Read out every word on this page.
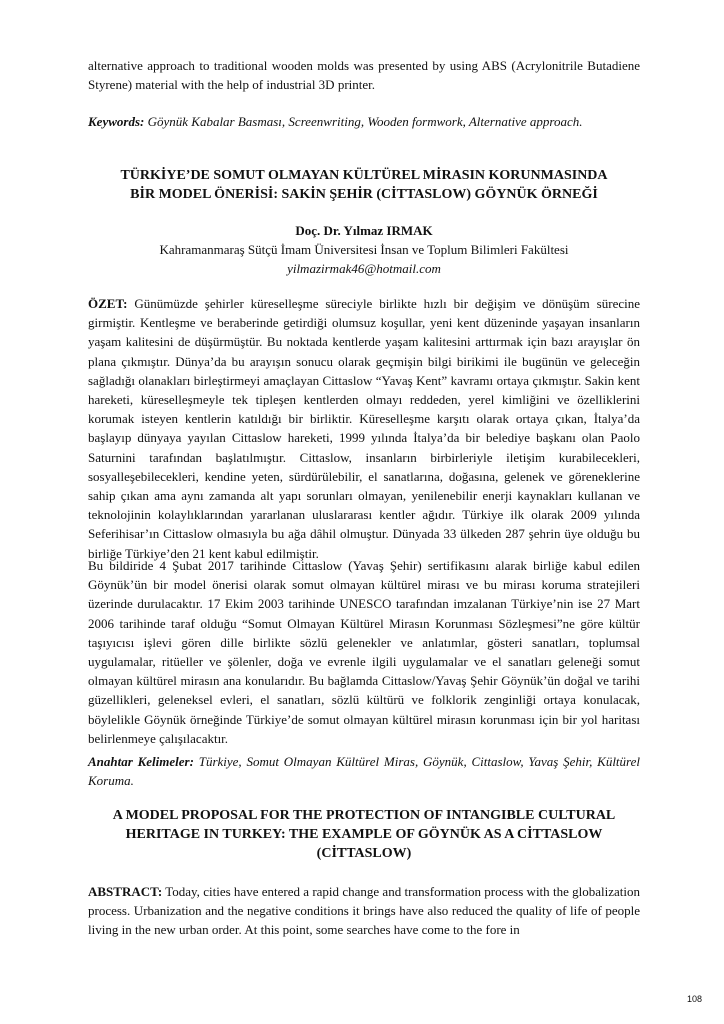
alternative approach to traditional wooden molds was presented by using ABS (Acrylonitrile Butadiene Styrene) material with the help of industrial 3D printer.

Keywords: Göynük Kabalar Basması, Screenwriting, Wooden formwork, Alternative approach.

TÜRKİYE’DE SOMUT OLMAYAN KÜLTÜREL MİRASIN KORUNMASINDA BİR MODEL ÖNERİSİ: SAKİN ŞEHİR (CİTTASLOW) GÖYNÜK ÖRNEĞİ

Doç. Dr. Yılmaz IRMAK

Kahramanmaraş Sütçü İmam Üniversitesi İnsan ve Toplum Bilimleri Fakültesi

yilmazirmak46@hotmail.com

ÖZET: Günümüzde şehirler küreselleşme süreciyle birlikte hızlı bir değişim ve dönüşüm sürecine girmiştir. Kentleşme ve beraberinde getirdiği olumsuz koşullar, yeni kent düzeninde yaşayan insanların yaşam kalitesini de düşürmüştür. Bu noktada kentlerde yaşam kalitesini arttırmak için bazı arayışlar ön plana çıkmıştır. Dünya’da bu arayışın sonucu olarak geçmişin bilgi birikimi ile bugünün ve geleceğin sağladığı olanakları birleştirmeyi amaçlayan Cittaslow “Yavaş Kent” kavramı ortaya çıkmıştır. Sakin kent hareketi, küreselleşmeyle tek tipleşen kentlerden olmayı reddeden, yerel kimliğini ve özelliklerini korumak isteyen kentlerin katıldığı bir birliktir. Küreselleşme karşıtı olarak ortaya çıkan, İtalya’da başlayıp dünyaya yayılan Cittaslow hareketi, 1999 yılında İtalya’da bir belediye başkanı olan Paolo Saturnini tarafından başlatılmıştır. Cittaslow, insanların birbirleriyle iletişim kurabilecekleri, sosyalleşebilecekleri, kendine yeten, sürdürülebilir, el sanatlarına, doğasına, gelenek ve göreneklerine sahip çıkan ama aynı zamanda alt yapı sorunları olmayan, yenilenebilir enerji kaynakları kullanan ve teknolojinin kolaylıklarından yararlanan uluslararası kentler ağıdır. Türkiye ilk olarak 2009 yılında Seferihisar’ın Cittaslow olmasıyla bu ağa dâhil olmuştur. Dünyada 33 ülkeden 287 şehrin üye olduğu bu birliğe Türkiye’den 21 kent kabul edilmiştir.

Bu bildiride 4 Şubat 2017 tarihinde Cittaslow (Yavaş Şehir) sertifikasını alarak birliğe kabul edilen Göynük’ün bir model önerisi olarak somut olmayan kültürel mirası ve bu mirası koruma stratejileri üzerinde durulacaktır. 17 Ekim 2003 tarihinde UNESCO tarafından imzalanan Türkiye’nin ise 27 Mart 2006 tarihinde taraf olduğu “Somut Olmayan Kültürel Mirasın Korunması Sözleşmesi”ne göre kültür taşıyıcısı işlevi gören dille birlikte sözlü gelenekler ve anlatımlar, gösteri sanatları, toplumsal uygulamalar, ritüeller ve şölenler, doğa ve evrenle ilgili uygulamalar ve el sanatları geleneği somut olmayan kültürel mirasın ana konularıdır. Bu bağlamda Cittaslow/Yavaş Şehir Göynük’ün doğal ve tarihi güzellikleri, geleneksel evleri, el sanatları, sözlü kültürü ve folklorik zenginliği ortaya konulacak, böylelikle Göynük örneğinde Türkiye’de somut olmayan kültürel mirasın korunması için bir yol haritası belirlenmeye çalışılacaktır.

Anahtar Kelimeler: Türkiye, Somut Olmayan Kültürel Miras, Göynük, Cittaslow, Yavaş Şehir, Kültürel Koruma.

A MODEL PROPOSAL FOR THE PROTECTION OF INTANGIBLE CULTURAL HERITAGE IN TURKEY: THE EXAMPLE OF GÖYNÜK AS A CİTTASLOW (CİTTASLOW)

ABSTRACT: Today, cities have entered a rapid change and transformation process with the globalization process. Urbanization and the negative conditions it brings have also reduced the quality of life of people living in the new urban order. At this point, some searches have come to the fore in

108
